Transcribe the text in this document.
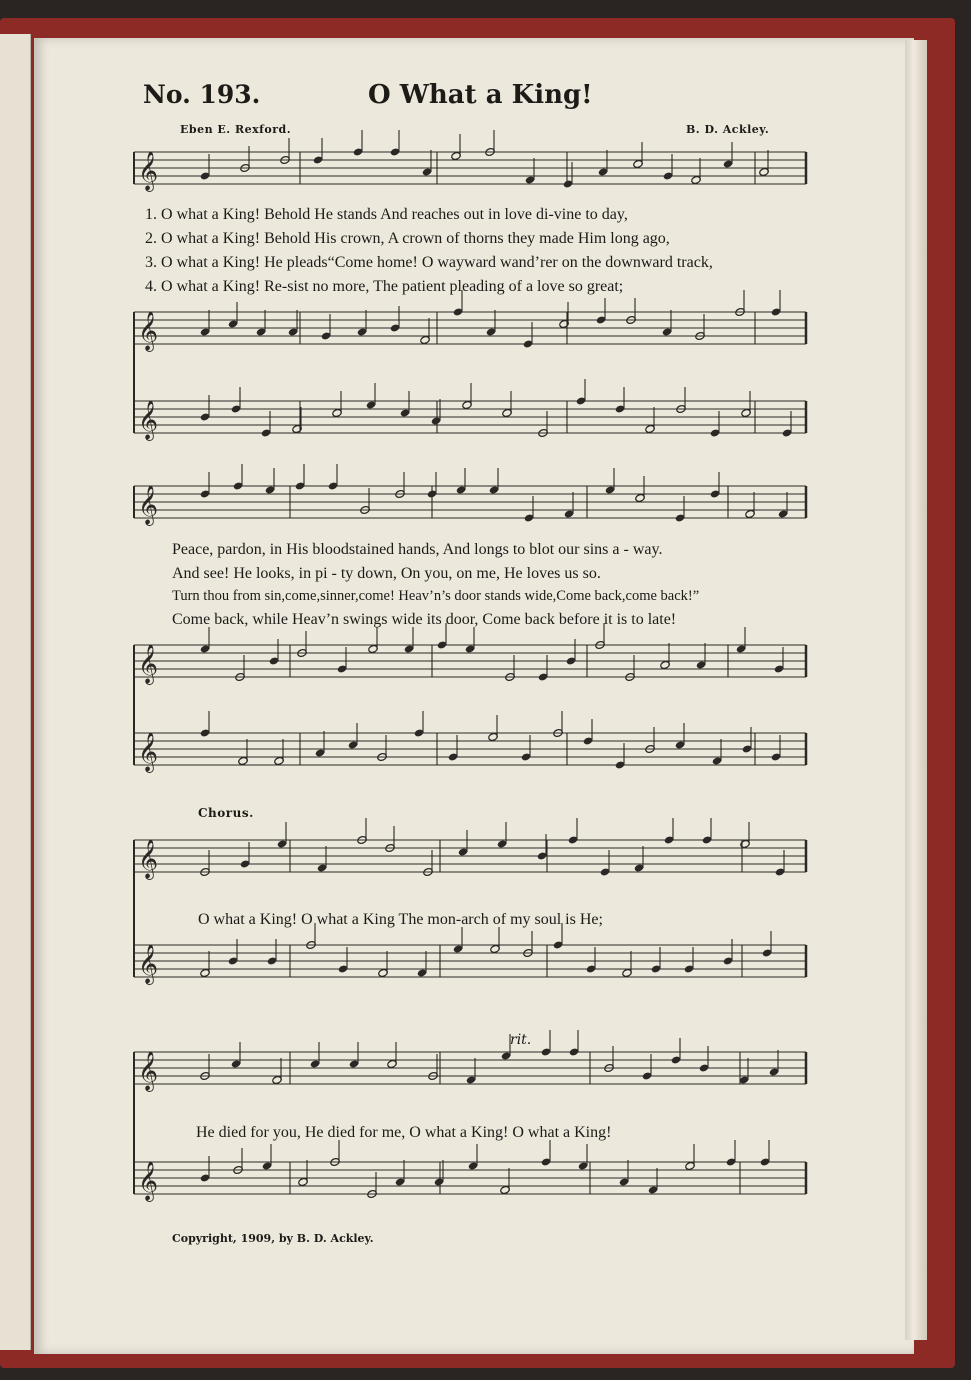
No. 193.	O What a King!
Eben E. Rexford.	B. D. Ackley.
𝄞
𝄞
𝄞
𝄞
𝄞
𝄞
𝄞
𝄞
𝄞
𝄞
1. O what a King! Behold He stands And reaches out in love di-vine to day,
2. O what a King! Behold His crown, A crown of thorns they made Him long ago,
3. O what a King! He pleads“Come home! O wayward wand’rer on the downward track,
4. O what a King! Re-sist no more, The patient pleading of a love so great;
Peace, pardon, in His bloodstained hands, And longs to blot our sins a - way.
And see! He looks, in pi - ty down, On you, on me, He loves us so.
Turn thou from sin,come,sinner,come! Heav’n’s door stands wide,Come back,come back!”
Come back, while Heav’n swings wide its door, Come back before it is to late!
Chorus.
O what a King! O what a King The mon-arch of my soul is He;
rit.
He died for you, He died for me, O what a King! O what a King!
Copyright, 1909, by B. D. Ackley.
